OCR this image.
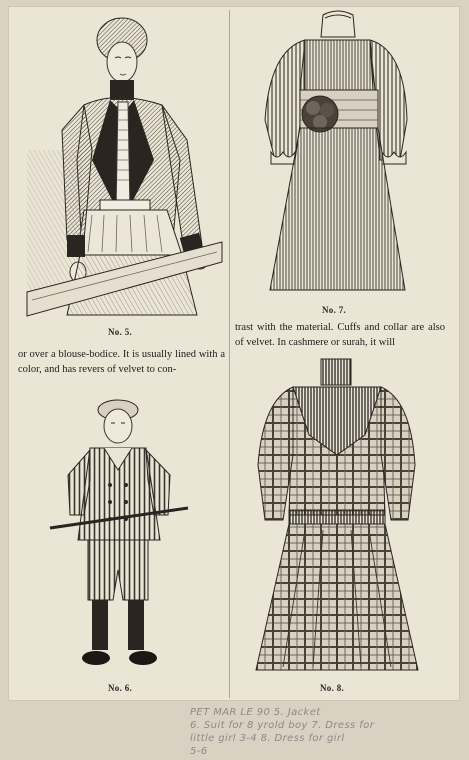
No. 5.
No. 7.
or over a blouse-bodice. It is usually lined with a color, and has revers of velvet to con-
trast with the material. Cuffs and collar are also of velvet. In cashmere or surah, it will
No. 6.	No. 8.
PET MAR LE 90 5. Jacket
6. Suit for 8 yrold boy 7. Dress for
little girl 3-4 8. Dress for girl
5-6
